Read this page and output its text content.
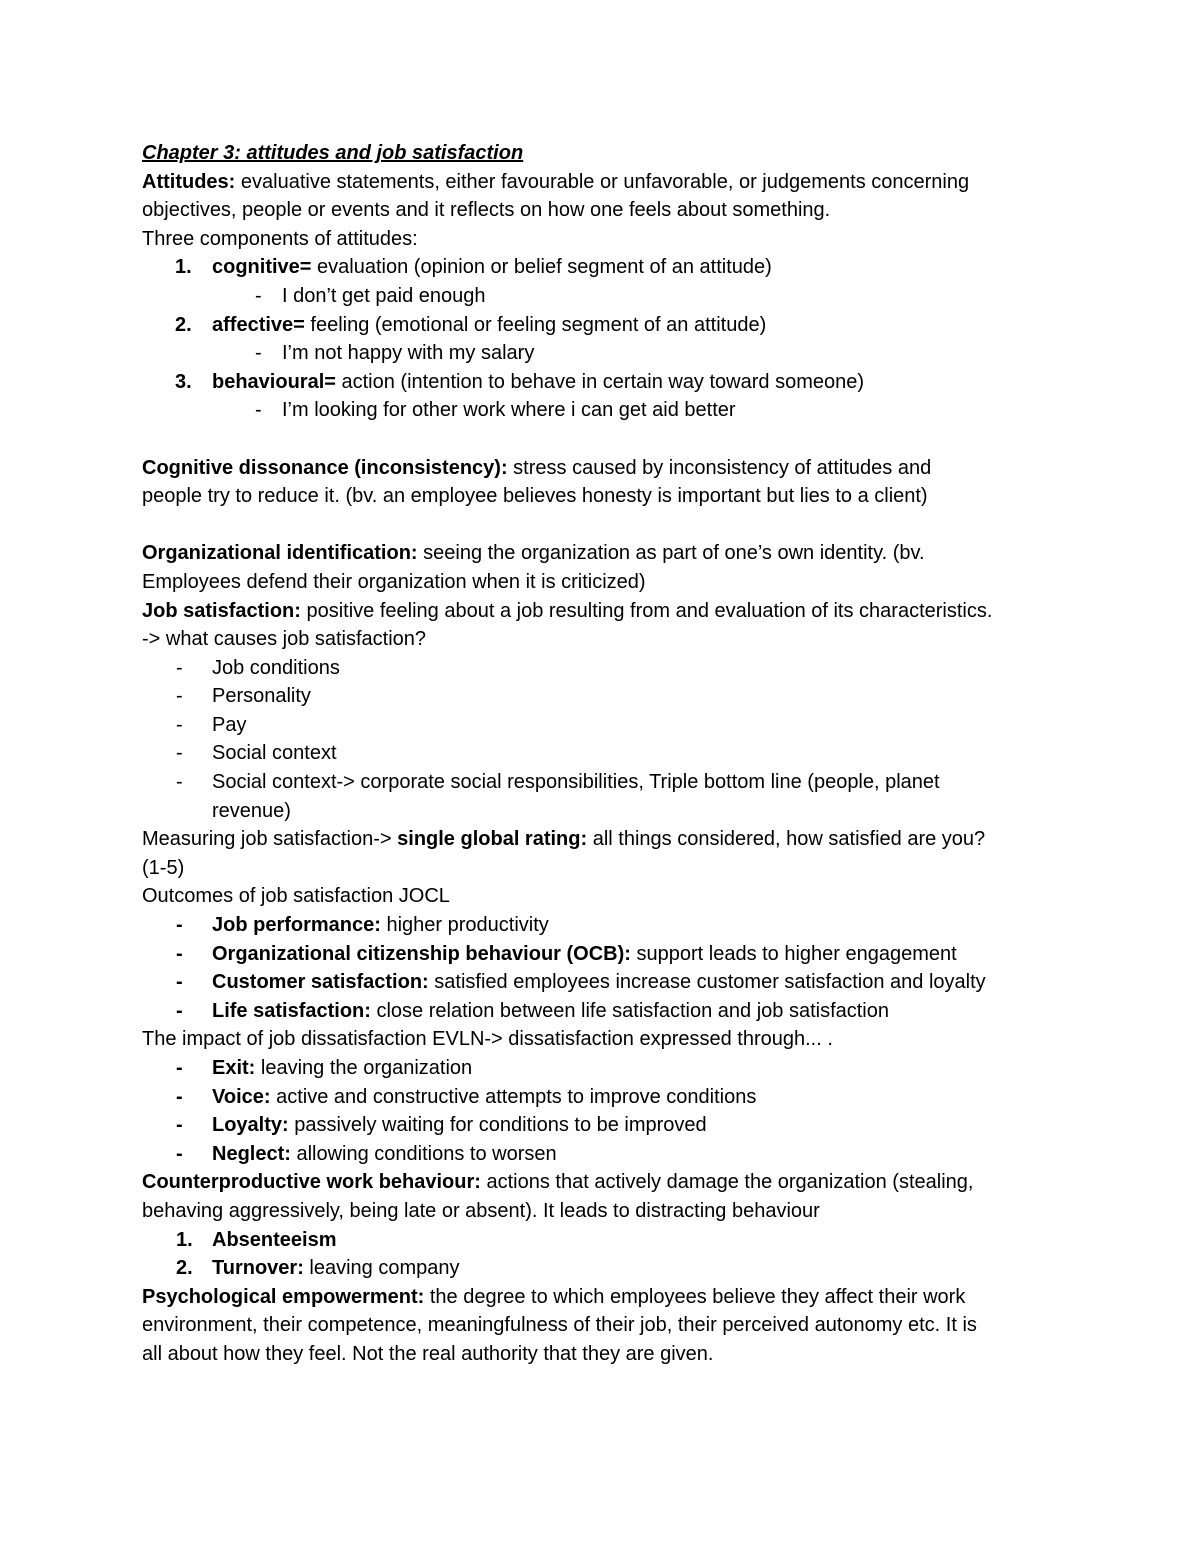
Chapter 3: attitudes and job satisfaction
Attitudes: evaluative statements, either favourable or unfavorable, or judgements concerning
objectives, people or events and it reflects on how one feels about something.
Three components of attitudes:
1. cognitive= evaluation (opinion or belief segment of an attitude)
- I don’t get paid enough
2. affective= feeling (emotional or feeling segment of an attitude)
- I’m not happy with my salary
3. behavioural= action (intention to behave in certain way toward someone)
- I’m looking for other work where i can get aid better
Cognitive dissonance (inconsistency): stress caused by inconsistency of attitudes and
people try to reduce it. (bv. an employee believes honesty is important but lies to a client)
Organizational identification: seeing the organization as part of one’s own identity. (bv.
Employees defend their organization when it is criticized)
Job satisfaction: positive feeling about a job resulting from and evaluation of its characteristics.
-> what causes job satisfaction?
- Job conditions
- Personality
- Pay
- Social context
-	Social context-> corporate social responsibilities, Triple bottom line (people, planet revenue)
Measuring job satisfaction-> single global rating: all things considered, how satisfied are you?
(1-5)
Outcomes of job satisfaction JOCL
- Job performance: higher productivity
- Organizational citizenship behaviour (OCB): support leads to higher engagement
- Customer satisfaction: satisfied employees increase customer satisfaction and loyalty
- Life satisfaction: close relation between life satisfaction and job satisfaction
The impact of job dissatisfaction EVLN-> dissatisfaction expressed through... .
- Exit: leaving the organization
- Voice: active and constructive attempts to improve conditions
- Loyalty: passively waiting for conditions to be improved
- Neglect: allowing conditions to worsen
Counterproductive work behaviour: actions that actively damage the organization (stealing,
behaving aggressively, being late or absent). It leads to distracting behaviour
1. Absenteeism
2. Turnover: leaving company
Psychological empowerment: the degree to which employees believe they affect their work
environment, their competence, meaningfulness of their job, their perceived autonomy etc. It is
all about how they feel. Not the real authority that they are given.
